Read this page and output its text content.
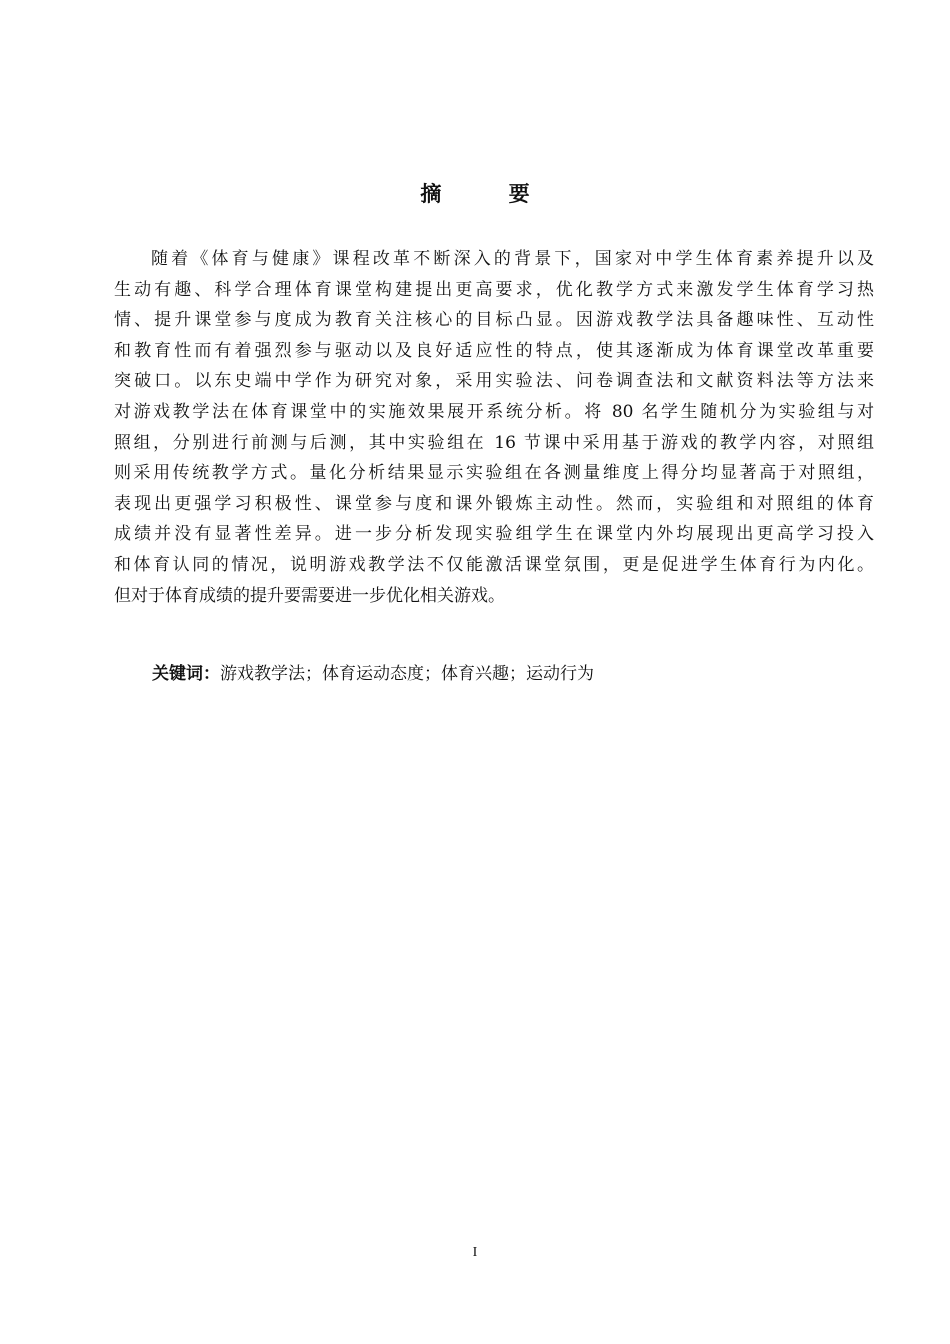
摘 要
随着《体育与健康》课程改革不断深入的背景下，国家对中学生体育素养提升以及
生动有趣、科学合理体育课堂构建提出更高要求，优化教学方式来激发学生体育学习热
情、提升课堂参与度成为教育关注核心的目标凸显。因游戏教学法具备趣味性、互动性
和教育性而有着强烈参与驱动以及良好适应性的特点，使其逐渐成为体育课堂改革重要
突破口。以东史端中学作为研究对象，采用实验法、问卷调查法和文献资料法等方法来
对游戏教学法在体育课堂中的实施效果展开系统分析。将 80 名学生随机分为实验组与对
照组，分别进行前测与后测，其中实验组在 16 节课中采用基于游戏的教学内容，对照组
则采用传统教学方式。量化分析结果显示实验组在各测量维度上得分均显著高于对照组，
表现出更强学习积极性、课堂参与度和课外锻炼主动性。然而，实验组和对照组的体育
成绩并没有显著性差异。进一步分析发现实验组学生在课堂内外均展现出更高学习投入
和体育认同的情况，说明游戏教学法不仅能激活课堂氛围，更是促进学生体育行为内化。
但对于体育成绩的提升要需要进一步优化相关游戏。
关键词：游戏教学法；体育运动态度；体育兴趣；运动行为
I
